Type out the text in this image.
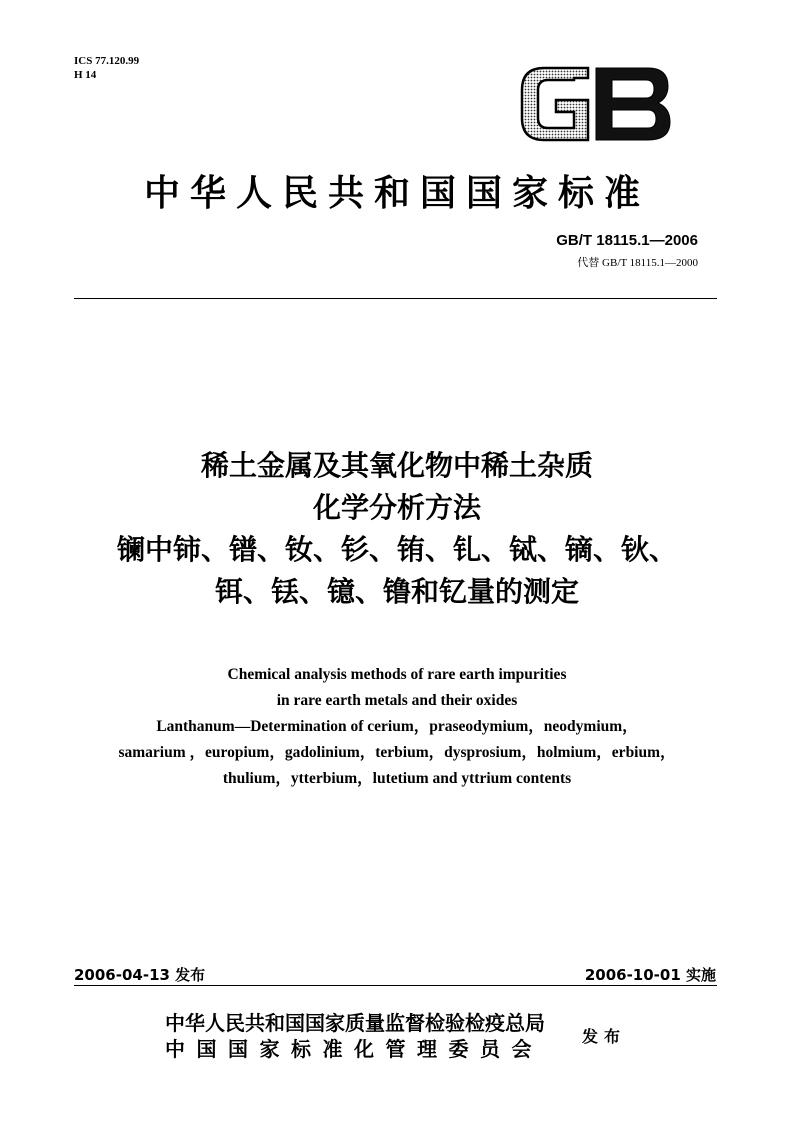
ICS 77.120.99
H 14
中华人民共和国国家标准
GB/T 18115.1—2006
代替 GB/T 18115.1—2000
稀土金属及其氧化物中稀土杂质
化学分析方法
镧中铈、镨、钕、钐、铕、钆、铽、镝、钬、
铒、铥、镱、镥和钇量的测定
Chemical analysis methods of rare earth impurities
in rare earth metals and their oxides
Lanthanum—Determination of cerium，praseodymium，neodymium，
samarium ，europium，gadolinium，terbium，dysprosium，holmium，erbium，
thulium，ytterbium，lutetium and yttrium contents
2006-04-13 发布	2006-10-01 实施
中华人民共和国国家质量监督检验检疫总局
中国国家标准化管理委员会
发布
